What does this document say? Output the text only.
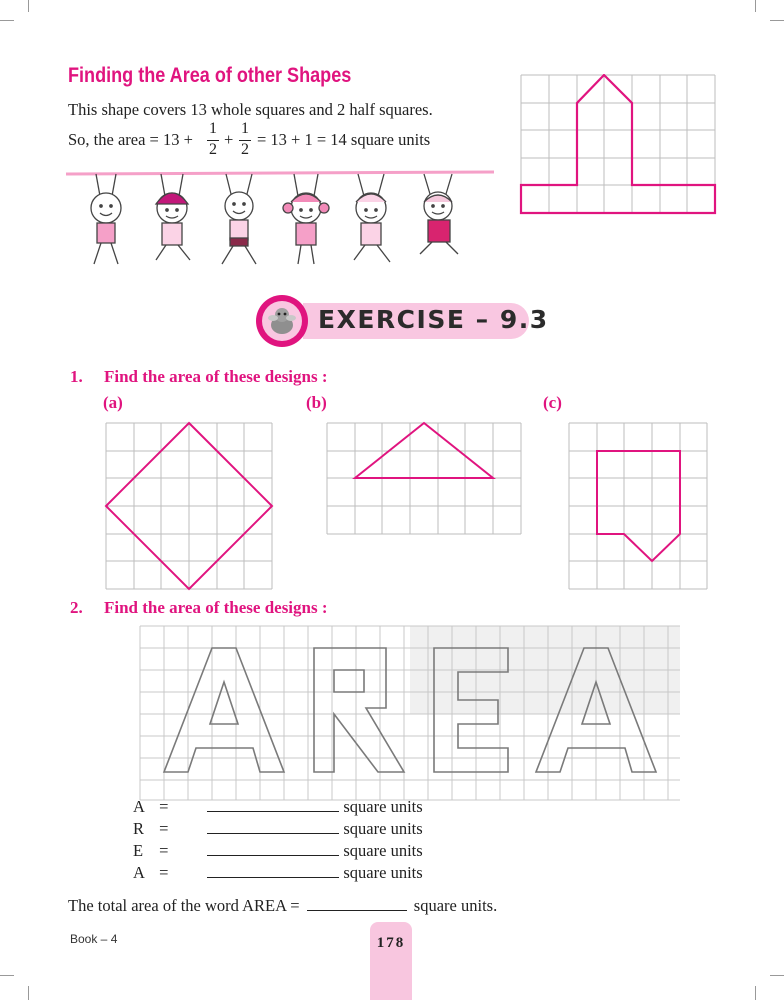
Finding the Area of other Shapes
This shape covers 13 whole squares and 2 half squares.
So, the area = 13 +
1
2
+
1
2
= 13 + 1 = 14 square units
EXERCISE – 9.3
1. Find the area of these designs :
(a)	(b)	(c)
2. Find the area of these designs :
A =	square units
R =	square units
E =	square units
A =	square units
The total area of the word AREA =	square units.
Book – 4	178
